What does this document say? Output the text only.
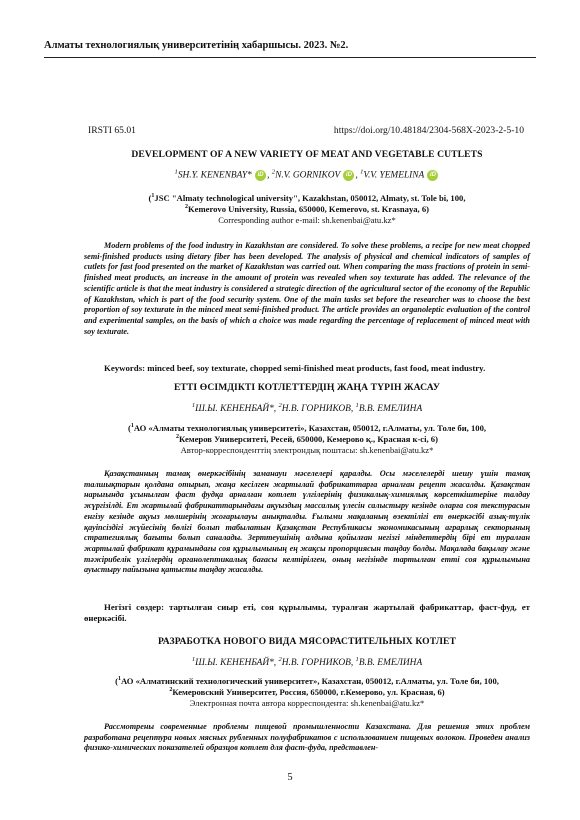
Алматы технологиялық университетінің хабаршысы. 2023. №2.
IRSTI 65.01	https://doi.org/10.48184/2304-568X-2023-2-5-10
DEVELOPMENT OF A NEW VARIETY OF MEAT AND VEGETABLE CUTLETS
$^1$SH.Y. KENENBAY* iD , $^2$N.V. GORNIKOV iD , $^1$V.V. YEMELINA iD
($^1$JSC "Almaty technological university", Kazakhstan, 050012, Almaty, st. Tole bi, 100,
$^2$Kemerovo University, Russia, 650000, Kemerovo, st. Krasnaya, 6)
Corresponding author e-mail: sh.kenenbai@atu.kz*
Modern problems of the food industry in Kazakhstan are considered. To solve these problems, a recipe for new meat chopped semi-finished products using dietary fiber has been developed. The analysis of physical and chemical indicators of samples of cutlets for fast food presented on the market of Kazakhstan was carried out. When comparing the mass fractions of protein in semi-finished meat products, an increase in the amount of protein was revealed when soy texturate has added. The relevance of the scientific article is that the meat industry is considered a strategic direction of the agricultural sector of the economy of the Republic of Kazakhstan, which is part of the food security system. One of the main tasks set before the researcher was to choose the best proportion of soy texturate in the minced meat semi-finished product. The article provides an organoleptic evaluation of the control and experimental samples, on the basis of which a choice was made regarding the percentage of replacement of minced meat with soy texturate.
Keywords: minced beef, soy texturate, chopped semi-finished meat products, fast food, meat industry.
ЕТТІ ӨСІМДІКТІ КОТЛЕТТЕРДІҢ ЖАҢА ТҮРІН ЖАСАУ
$^1$Ш.Ы. КЕНЕНБАЙ*, $^2$Н.В. ГОРНИКОВ, $^1$В.В. ЕМЕЛИНА
($^1$АО «Алматы технологиялық университеті», Казахстан, 050012, г.Алматы, ул. Толе би, 100,
$^2$Кемеров Университеті, Ресей, 650000, Кемерово қ., Красная к-сі, 6)
Автор-корреспонденттің электрондық поштасы: sh.kenenbai@atu.kz*
Қазақстанның тамақ өнеркәсібінің заманауи мәселелері қаралды. Осы мәселелерді шешу үшін тамақ талшықтарын қолдана отырып, жаңа кесілген жартылай фабрикаттарға арналған рецепт жасалды. Қазақстан нарығында ұсынылған фаст фудқа арналған котлет үлгілерінің физикалық-химиялық көрсеткіштеріне талдау жүргізілді. Ет жартылай фабрикаттарындағы ақуыздың массалық үлесін салыстыру кезінде оларға соя текстурасын енгізу кезінде ақуыз мөлшерінің жоғарылауы анықталды. Ғылыми мақаланың өзектілігі ет өнеркәсібі азық-түлік қауіпсіздігі жүйесінің бөлігі болып табылатын Қазақстан Республикасы экономикасының аграрлық секторының стратегиялық бағыты болып саналады. Зерттеушінің алдына қойылған негізгі міндеттердің бірі ет туралған жартылай фабрикат құрамындағы соя құрылымының ең жақсы пропорциясын таңдау болды. Мақалада бақылау және тәжірибелік үлгілердің органолептикалық бағасы келтірілген, оның негізінде тартылған етті соя құрылымына ауыстыру пайызына қатысты таңдау жасалды.
Негізгі сөздер: тартылған сиыр еті, соя құрылымы, туралған жартылай фабрикаттар, фаст-фуд, ет өнеркәсібі.
РАЗРАБОТКА НОВОГО ВИДА МЯСОРАСТИТЕЛЬНЫХ КОТЛЕТ
$^1$Ш.Ы. КЕНЕНБАЙ*, $^2$Н.В. ГОРНИКОВ, $^1$В.В. ЕМЕЛИНА
($^1$АО «Алматинский технологический университет», Казахстан, 050012, г.Алматы, ул. Толе би, 100,
$^2$Кемеровский Университет, Россия, 650000, г.Кемерово, ул. Красная, 6)
Электронная почта автора корреспондента: sh.kenenbai@atu.kz*
Рассмотрены современные проблемы пищевой промышленности Казахстана. Для решения этих проблем разработана рецептура новых мясных рубленных полуфабрикатов с использованием пищевых волокон. Проведен анализ физико-химических показателей образцов котлет для фаст-фуда, представлен-
5
